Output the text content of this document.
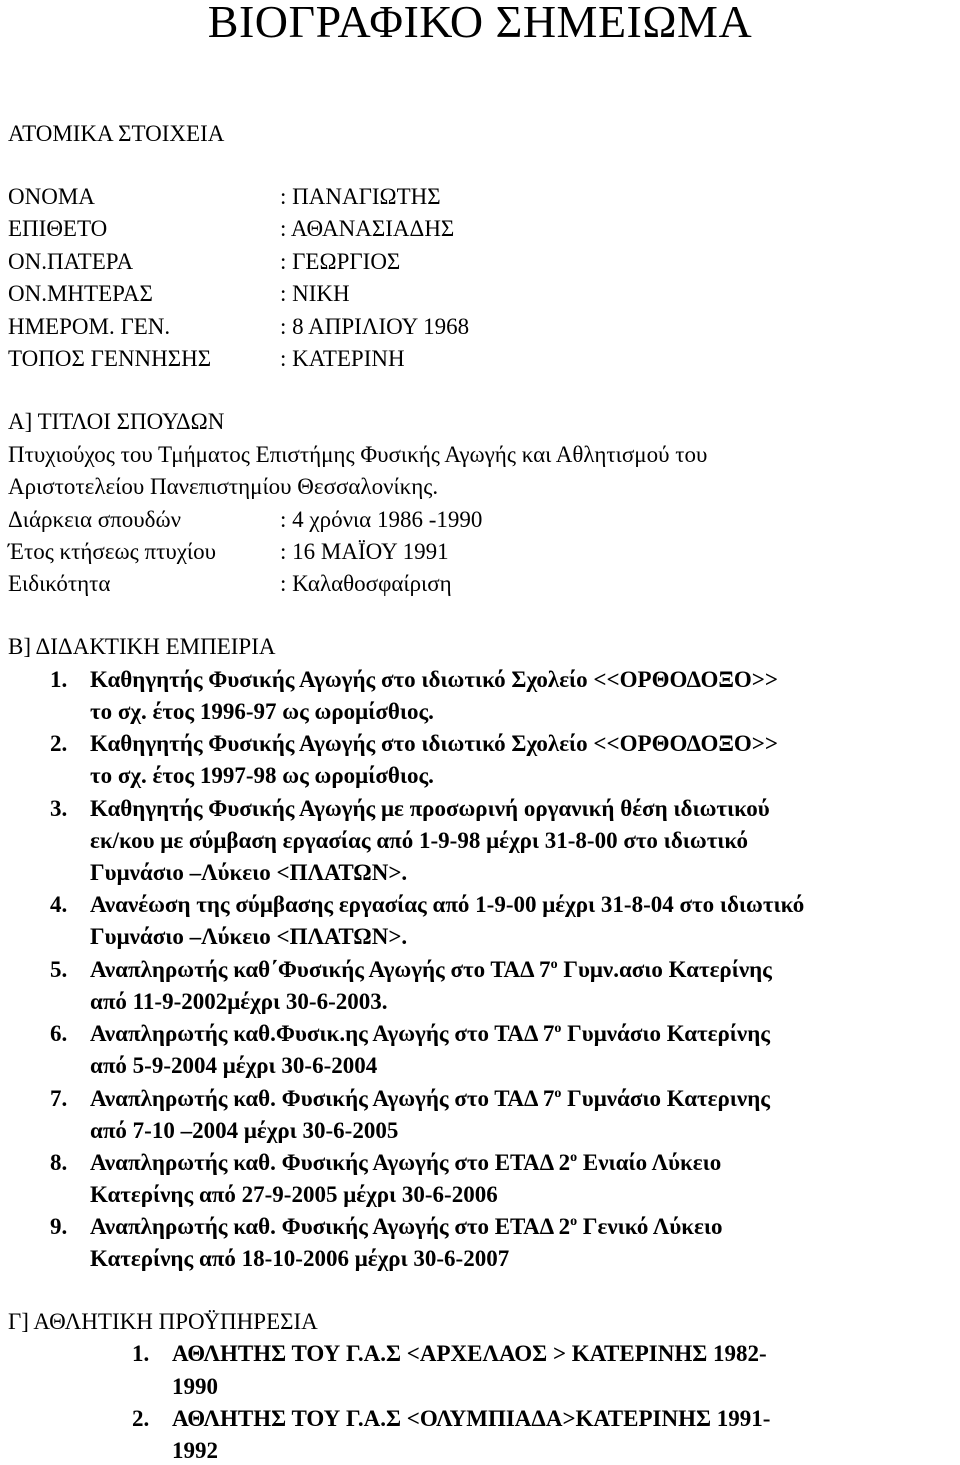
ΒΙΟΓΡΑΦΙΚΟ ΣΗΜΕΙΩΜΑ
ΑΤΟΜΙΚΑ ΣΤΟΙΧΕΙΑ
ΟΝΟΜΑ	: ΠΑΝΑΓΙΩΤΗΣ
ΕΠΙΘΕΤΟ	: ΑΘΑΝΑΣΙΑΔΗΣ
ΟΝ.ΠΑΤΕΡΑ	: ΓΕΩΡΓΙΟΣ
ΟΝ.ΜΗΤΕΡΑΣ	: ΝΙΚΗ
ΗΜΕΡΟΜ. ΓΕΝ.	: 8 ΑΠΡΙΛΙΟΥ 1968
ΤΟΠΟΣ ΓΕΝΝΗΣΗΣ	: ΚΑΤΕΡΙΝΗ
Α] ΤΙΤΛΟΙ ΣΠΟΥΔΩΝ
Πτυχιούχος του Τμήματος Επιστήμης Φυσικής Αγωγής και Αθλητισμού του
Αριστοτελείου Πανεπιστημίου Θεσσαλονίκης.
Διάρκεια σπουδών	: 4 χρόνια 1986 -1990
Έτος κτήσεως πτυχίου	: 16 ΜΑΪΟΥ 1991
Ειδικότητα	: Καλαθοσφαίριση
Β] ΔΙΔΑΚΤΙΚΗ ΕΜΠΕΙΡΙΑ
1. Καθηγητής Φυσικής Αγωγής στο ιδιωτικό Σχολείο <<ΟΡΘΟΔΟΞΟ>>
το σχ. έτος 1996-97 ως ωρομίσθιος.
2. Καθηγητής Φυσικής Αγωγής στο ιδιωτικό Σχολείο <<ΟΡΘΟΔΟΞΟ>>
το σχ. έτος 1997-98 ως ωρομίσθιος.
3. Καθηγητής Φυσικής Αγωγής με προσωρινή οργανική θέση ιδιωτικού
εκ/κου με σύμβαση εργασίας από 1-9-98 μέχρι 31-8-00 στο ιδιωτικό
Γυμνάσιο –Λύκειο <ΠΛΑΤΩΝ>.
4. Ανανέωση της σύμβασης εργασίας από 1-9-00 μέχρι 31-8-04 στο ιδιωτικό
Γυμνάσιο –Λύκειο <ΠΛΑΤΩΝ>.
5. Αναπληρωτής καθ΄Φυσικής Αγωγής στο ΤΑΔ $7^o$ Γυμν.ασιο Κατερίνης
από 11-9-2002μέχρι 30-6-2003.
6. Αναπληρωτής καθ.Φυσικ.ης Αγωγής στο ΤΑΔ $7^o$ Γυμνάσιο Κατερίνης
από 5-9-2004 μέχρι 30-6-2004
7. Αναπληρωτής καθ. Φυσικής Αγωγής στο ΤΑΔ $7^o$ Γυμνάσιο Κατερινης
από 7-10 –2004 μέχρι 30-6-2005
8. Αναπληρωτής καθ. Φυσικής Αγωγής στο ΕΤΑΔ $2^o$ Ενιαίο Λύκειο
Κατερίνης από 27-9-2005 μέχρι 30-6-2006
9. Αναπληρωτής καθ. Φυσικής Αγωγής στο ΕΤΑΔ $2^o$ Γενικό Λύκειο
Κατερίνης από 18-10-2006 μέχρι 30-6-2007
Γ] ΑΘΛΗΤΙΚΗ ΠΡΟΫΠΗΡΕΣΙΑ
1. ΑΘΛΗΤΗΣ ΤΟΥ Γ.Α.Σ <ΑΡΧΕΛΑΟΣ > ΚΑΤΕΡΙΝΗΣ 1982-
1990
2. ΑΘΛΗΤΗΣ ΤΟΥ Γ.Α.Σ <ΟΛΥΜΠΙΑΔΑ>ΚΑΤΕΡΙΝΗΣ 1991-
1992
